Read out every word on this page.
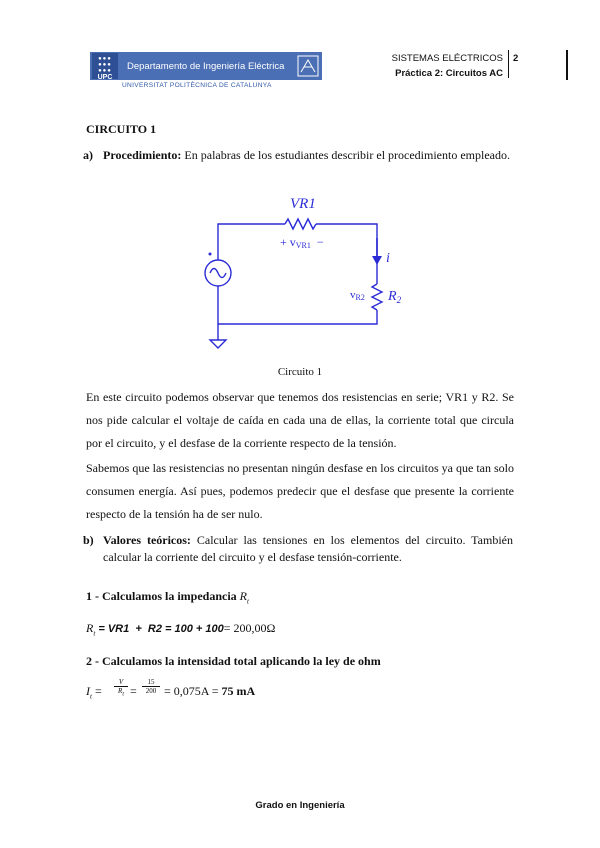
●●●
●●●
●●●
UPC
Departamento de Ingeniería Eléctrica
UNIVERSITAT POLITÈCNICA DE CATALUNYA
SISTEMAS ELÉCTRICOS
Práctica 2: Circuitos AC
2
CIRCUITO 1
a) Procedimiento: En palabras de los estudiantes describir el procedimiento empleado.
VR1
+ vVR1 −
i
vR2 $R_2$
Circuito 1
En este circuito podemos observar que tenemos dos resistencias en serie; VR1 y R2. Se nos pide calcular el voltaje de caída en cada una de ellas, la corriente total que circula por el circuito, y el desfase de la corriente respecto de la tensión.
Sabemos que las resistencias no presentan ningún desfase en los circuitos ya que tan solo consumen energía. Así pues, podemos predecir que el desfase que presente la corriente respecto de la tensión ha de ser nulo.
b) Valores teóricos: Calcular las tensiones en los elementos del circuito. También calcular la corriente del circuito y el desfase tensión-corriente.
1 - Calculamos la impedancia $R_t$
$R_t = VR1 + R2 = 100 + 100= 200,00\Omega$
2 - Calculamos la intensidad total aplicando la ley de ohm
$I_t$ =
V
$R_t$ =
15
200 = 0,075A = 75 mA
Grado en Ingeniería
